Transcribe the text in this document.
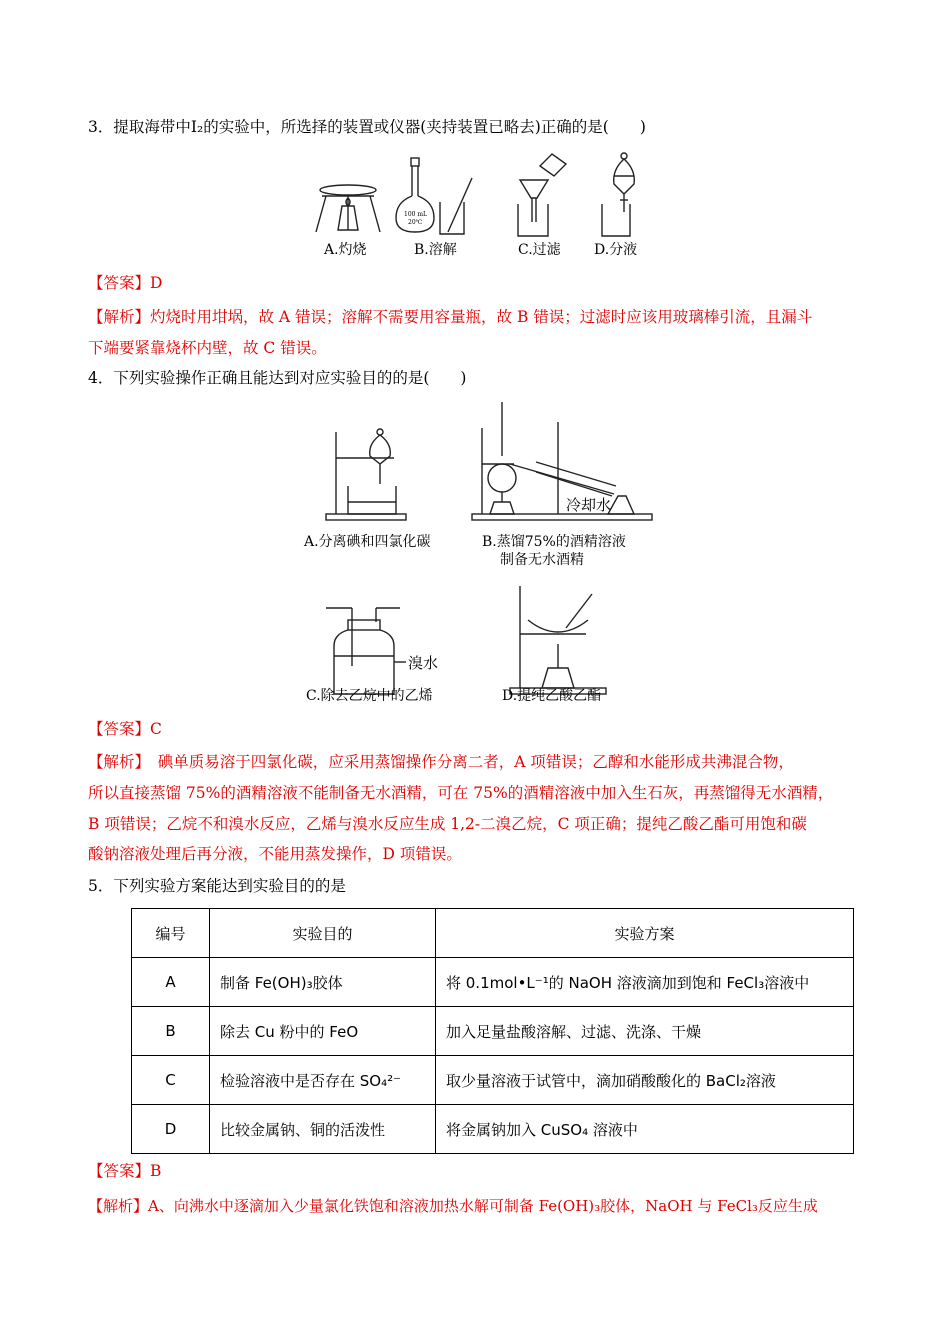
3．提取海带中I₂的实验中，所选择的装置或仪器(夹持装置已略去)正确的是(　　)
100 mL
20℃
A.灼烧	B.溶解	C.过滤 D.分液
【答案】D
【解析】灼烧时用坩埚，故 A 错误；溶解不需要用容量瓶，故 B 错误；过滤时应该用玻璃棒引流，且漏斗
下端要紧靠烧杯内壁，故 C 错误。
4．下列实验操作正确且能达到对应实验目的的是(　　)
冷却水
A.分离碘和四氯化碳	B.蒸馏75%的酒精溶液
制备无水酒精
溴水
C.除去乙烷中的乙烯	D.提纯乙酸乙酯
【答案】C
【解析】　碘单质易溶于四氯化碳，应采用蒸馏操作分离二者，A 项错误；乙醇和水能形成共沸混合物，
所以直接蒸馏 75%的酒精溶液不能制备无水酒精，可在 75%的酒精溶液中加入生石灰，再蒸馏得无水酒精，
B 项错误；乙烷不和溴水反应，乙烯与溴水反应生成 1,2-二溴乙烷，C 项正确；提纯乙酸乙酯可用饱和碳
酸钠溶液处理后再分液，不能用蒸发操作，D 项错误。
5．下列实验方案能达到实验目的的是
编号	实验目的	实验方案
A	制备 Fe(OH)₃胶体	将 0.1mol•L⁻¹的 NaOH 溶液滴加到饱和 FeCl₃溶液中
B	除去 Cu 粉中的 FeO	加入足量盐酸溶解、过滤、洗涤、干燥
C	检验溶液中是否存在 SO₄²⁻	取少量溶液于试管中，滴加硝酸酸化的 BaCl₂溶液
D	比较金属钠、铜的活泼性	将金属钠加入 CuSO₄ 溶液中
【答案】B
【解析】A、向沸水中逐滴加入少量氯化铁饱和溶液加热水解可制备 Fe(OH)₃胶体，NaOH 与 FeCl₃反应生成
